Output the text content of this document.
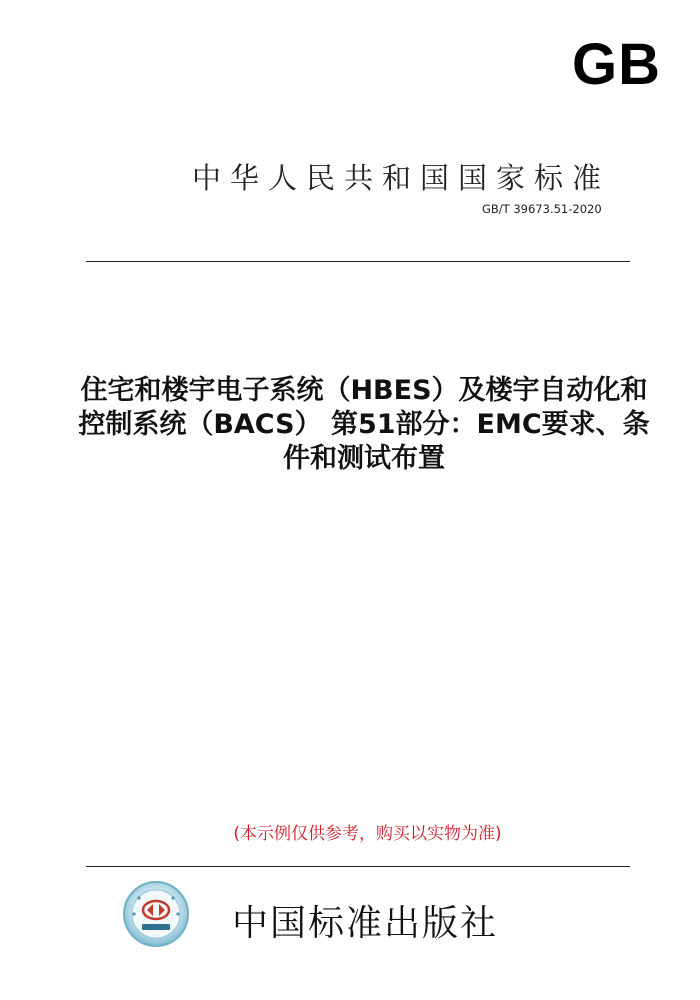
GB
中华人民共和国国家标准
GB/T 39673.51-2020
住宅和楼宇电子系统（HBES）及楼宇自动化和
控制系统（BACS） 第51部分：EMC要求、条
件和测试布置
(本示例仅供参考，购买以实物为准)
中国标准出版社
